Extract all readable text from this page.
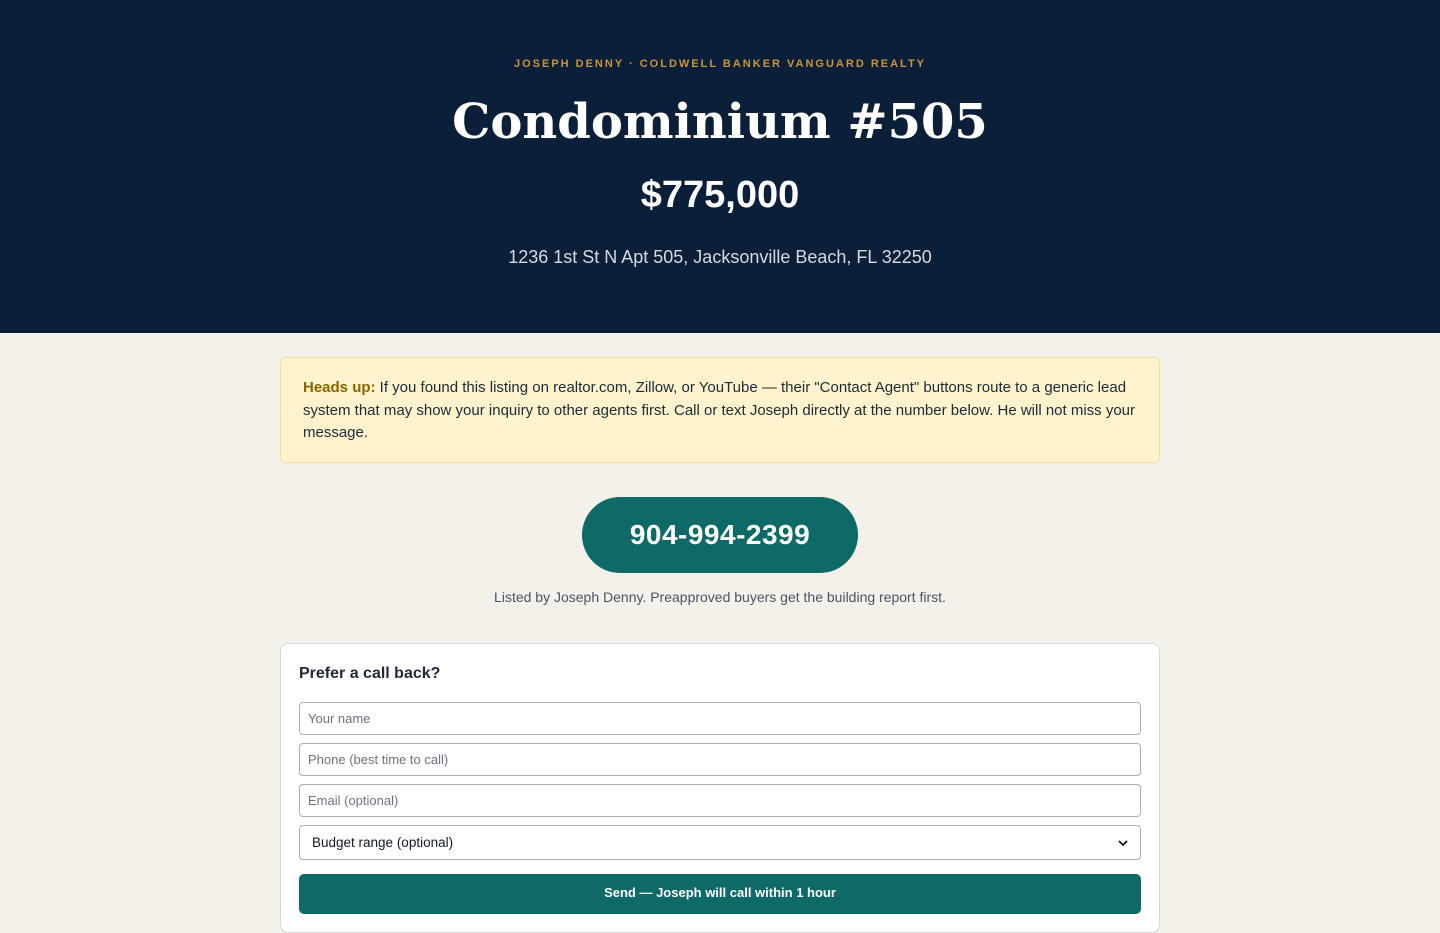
JOSEPH DENNY · COLDWELL BANKER VANGUARD REALTY
Condominium #505
$775,000
1236 1st St N Apt 505, Jacksonville Beach, FL 32250
Heads up: If you found this listing on realtor.com, Zillow, or YouTube — their "Contact Agent" buttons route to a generic lead system that may show your inquiry to other agents first. Call or text Joseph directly at the number below. He will not miss your message.
904-994-2399
Listed by Joseph Denny. Preapproved buyers get the building report first.
Prefer a call back?
Your name
Phone (best time to call)
Email (optional)
Budget range (optional)
Send — Joseph will call within 1 hour
